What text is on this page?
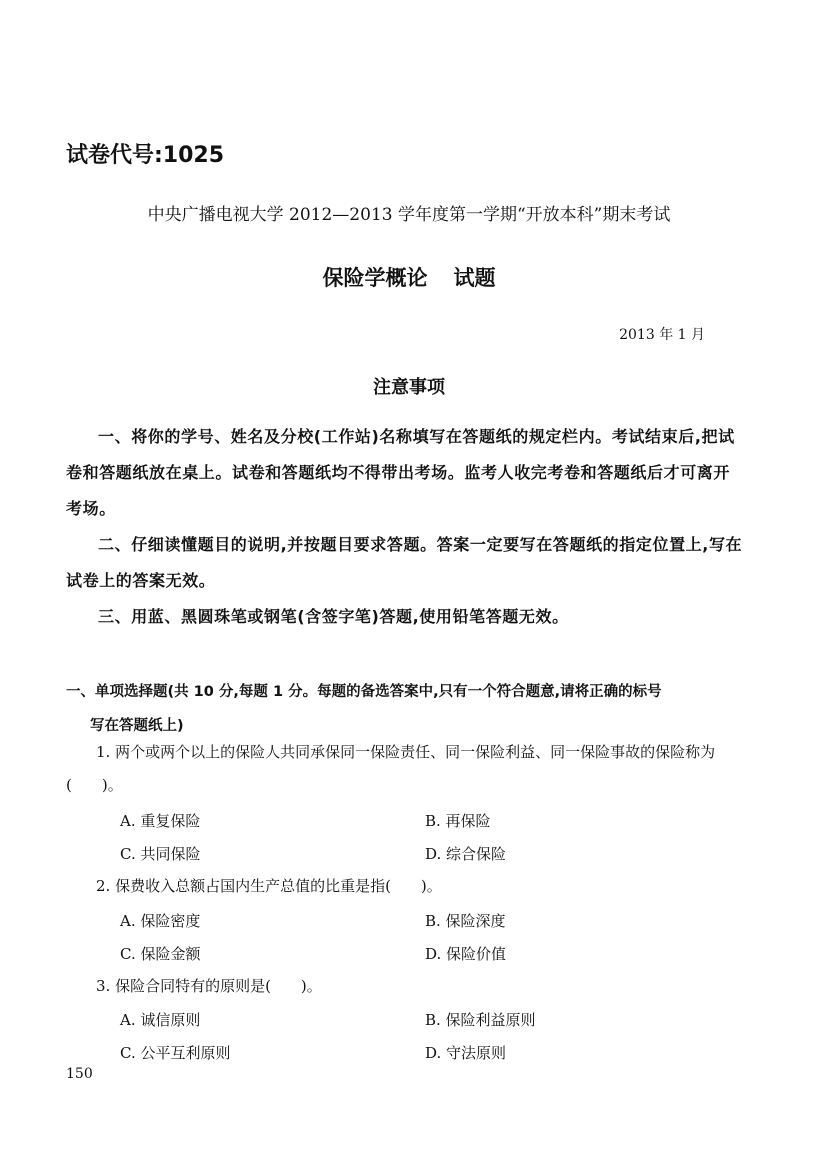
试卷代号:1025
中央广播电视大学 2012—2013 学年度第一学期“开放本科”期末考试
保险学概论 试题
2013 年 1 月
注意事项

一、将你的学号、姓名及分校(工作站)名称填写在答题纸的规定栏内。考试结束后,把试卷和答题纸放在桌上。试卷和答题纸均不得带出考场。监考人收完考卷和答题纸后才可离开考场。

二、仔细读懂题目的说明,并按题目要求答题。答案一定要写在答题纸的指定位置上,写在试卷上的答案无效。

三、用蓝、黑圆珠笔或钢笔(含签字笔)答题,使用铅笔答题无效。

一、单项选择题(共 10 分,每题 1 分。每题的备选答案中,只有一个符合题意,请将正确的标号
写在答题纸上)
1. 两个或两个以上的保险人共同承保同一保险责任、同一保险利益、同一保险事故的保险称为(　　)。
A. 重复保险	B. 再保险
C. 共同保险	D. 综合保险
2. 保费收入总额占国内生产总值的比重是指(　　)。
A. 保险密度	B. 保险深度
C. 保险金额	D. 保险价值
3. 保险合同特有的原则是(　　)。
A. 诚信原则	B. 保险利益原则
C. 公平互利原则	D. 守法原则
150
